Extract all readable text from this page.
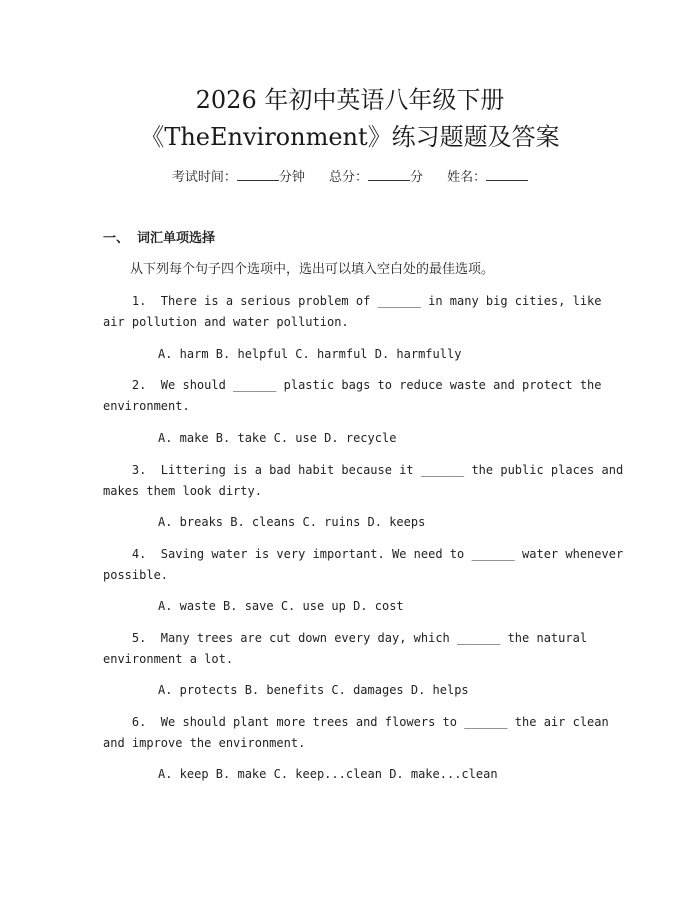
2026 年初中英语八年级下册
《TheEnvironment》练习题题及答案
考试时间：	分钟 总分：	分 姓名：
一、 词汇单项选择
从下列每个句子四个选项中，选出可以填入空白处的最佳选项。
1.  There is a serious problem of ______ in many big cities, like
air pollution and water pollution.
A. harm B. helpful C. harmful D. harmfully
2.  We should ______ plastic bags to reduce waste and protect the
environment.
A. make B. take C. use D. recycle
3.  Littering is a bad habit because it ______ the public places and
makes them look dirty.
A. breaks B. cleans C. ruins D. keeps
4.  Saving water is very important. We need to ______ water whenever
possible.
A. waste B. save C. use up D. cost
5.  Many trees are cut down every day, which ______ the natural
environment a lot.
A. protects B. benefits C. damages D. helps
6.  We should plant more trees and flowers to ______ the air clean
and improve the environment.
A. keep B. make C. keep...clean D. make...clean
